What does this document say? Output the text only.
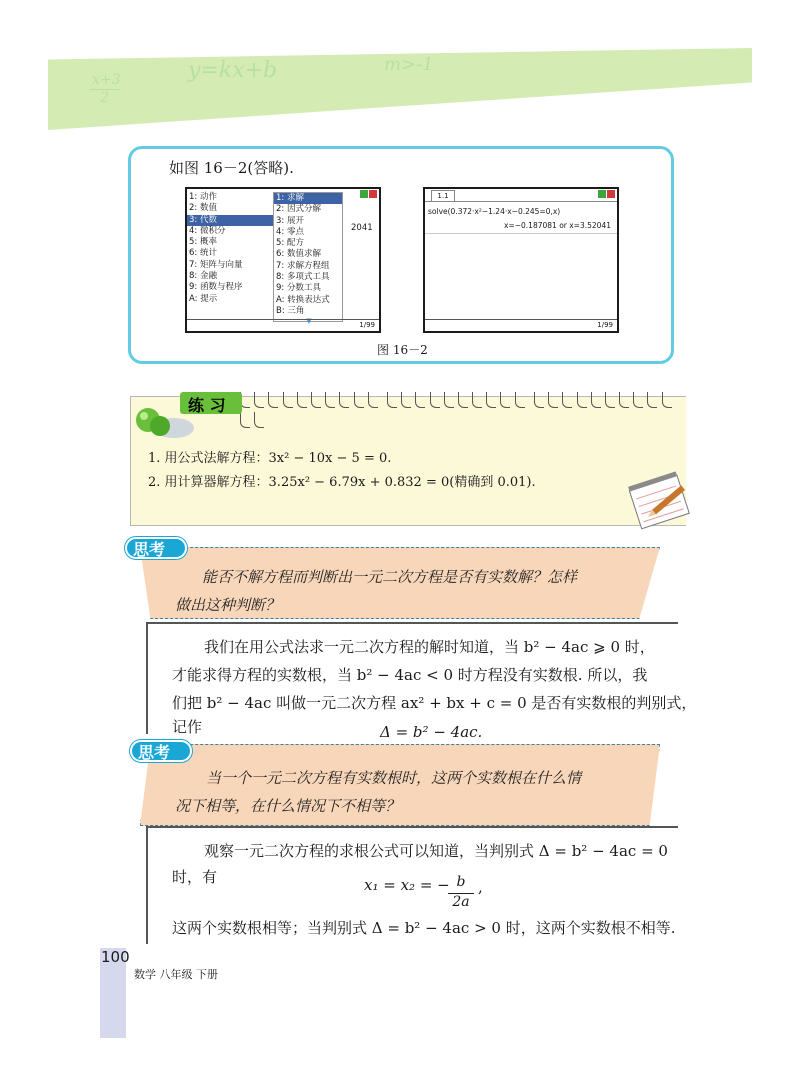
x+3
2
y=kx+b	m>-1
如图 16－2(答略).
1: 动作
2: 数值
3: 代数
4: 微积分
5: 概率
6: 统计
7: 矩阵与向量
8: 金融
9: 函数与程序
A: 提示
1: 求解
2: 因式分解
3: 展开
4: 零点
5: 配方
6: 数值求解
7: 求解方程组
8: 多项式工具
9: 分数工具
A: 转换表达式
B: 三角
▼
2041
1/99
1.1
solve(0.372·x²−1.24·x−0.245=0,x)
x=−0.187081 or x=3.52041
1/99
图 16－2

练 习
1. 用公式法解方程：3x² − 10x − 5 = 0.
2. 用计算器解方程：3.25x² − 6.79x + 0.832 = 0(精确到 0.01).
思考
能否不解方程而判断出一元二次方程是否有实数解？怎样
做出这种判断？
我们在用公式法求一元二次方程的解时知道，当 b² − 4ac ⩾ 0 时，
才能求得方程的实数根，当 b² − 4ac < 0 时方程没有实数根. 所以，我
们把 b² − 4ac 叫做一元二次方程 ax² + bx + c = 0 是否有实数根的判别式，
记作	Δ = b² − 4ac.
思考
当一个一元二次方程有实数根时，这两个实数根在什么情
况下相等，在什么情况下不相等？
观察一元二次方程的求根公式可以知道，当判别式 Δ = b² − 4ac = 0
时，有	x₁ = x₂ = − b
2a
,
这两个实数根相等；当判别式 Δ = b² − 4ac > 0 时，这两个实数根不相等.
100
数学 八年级 下册
